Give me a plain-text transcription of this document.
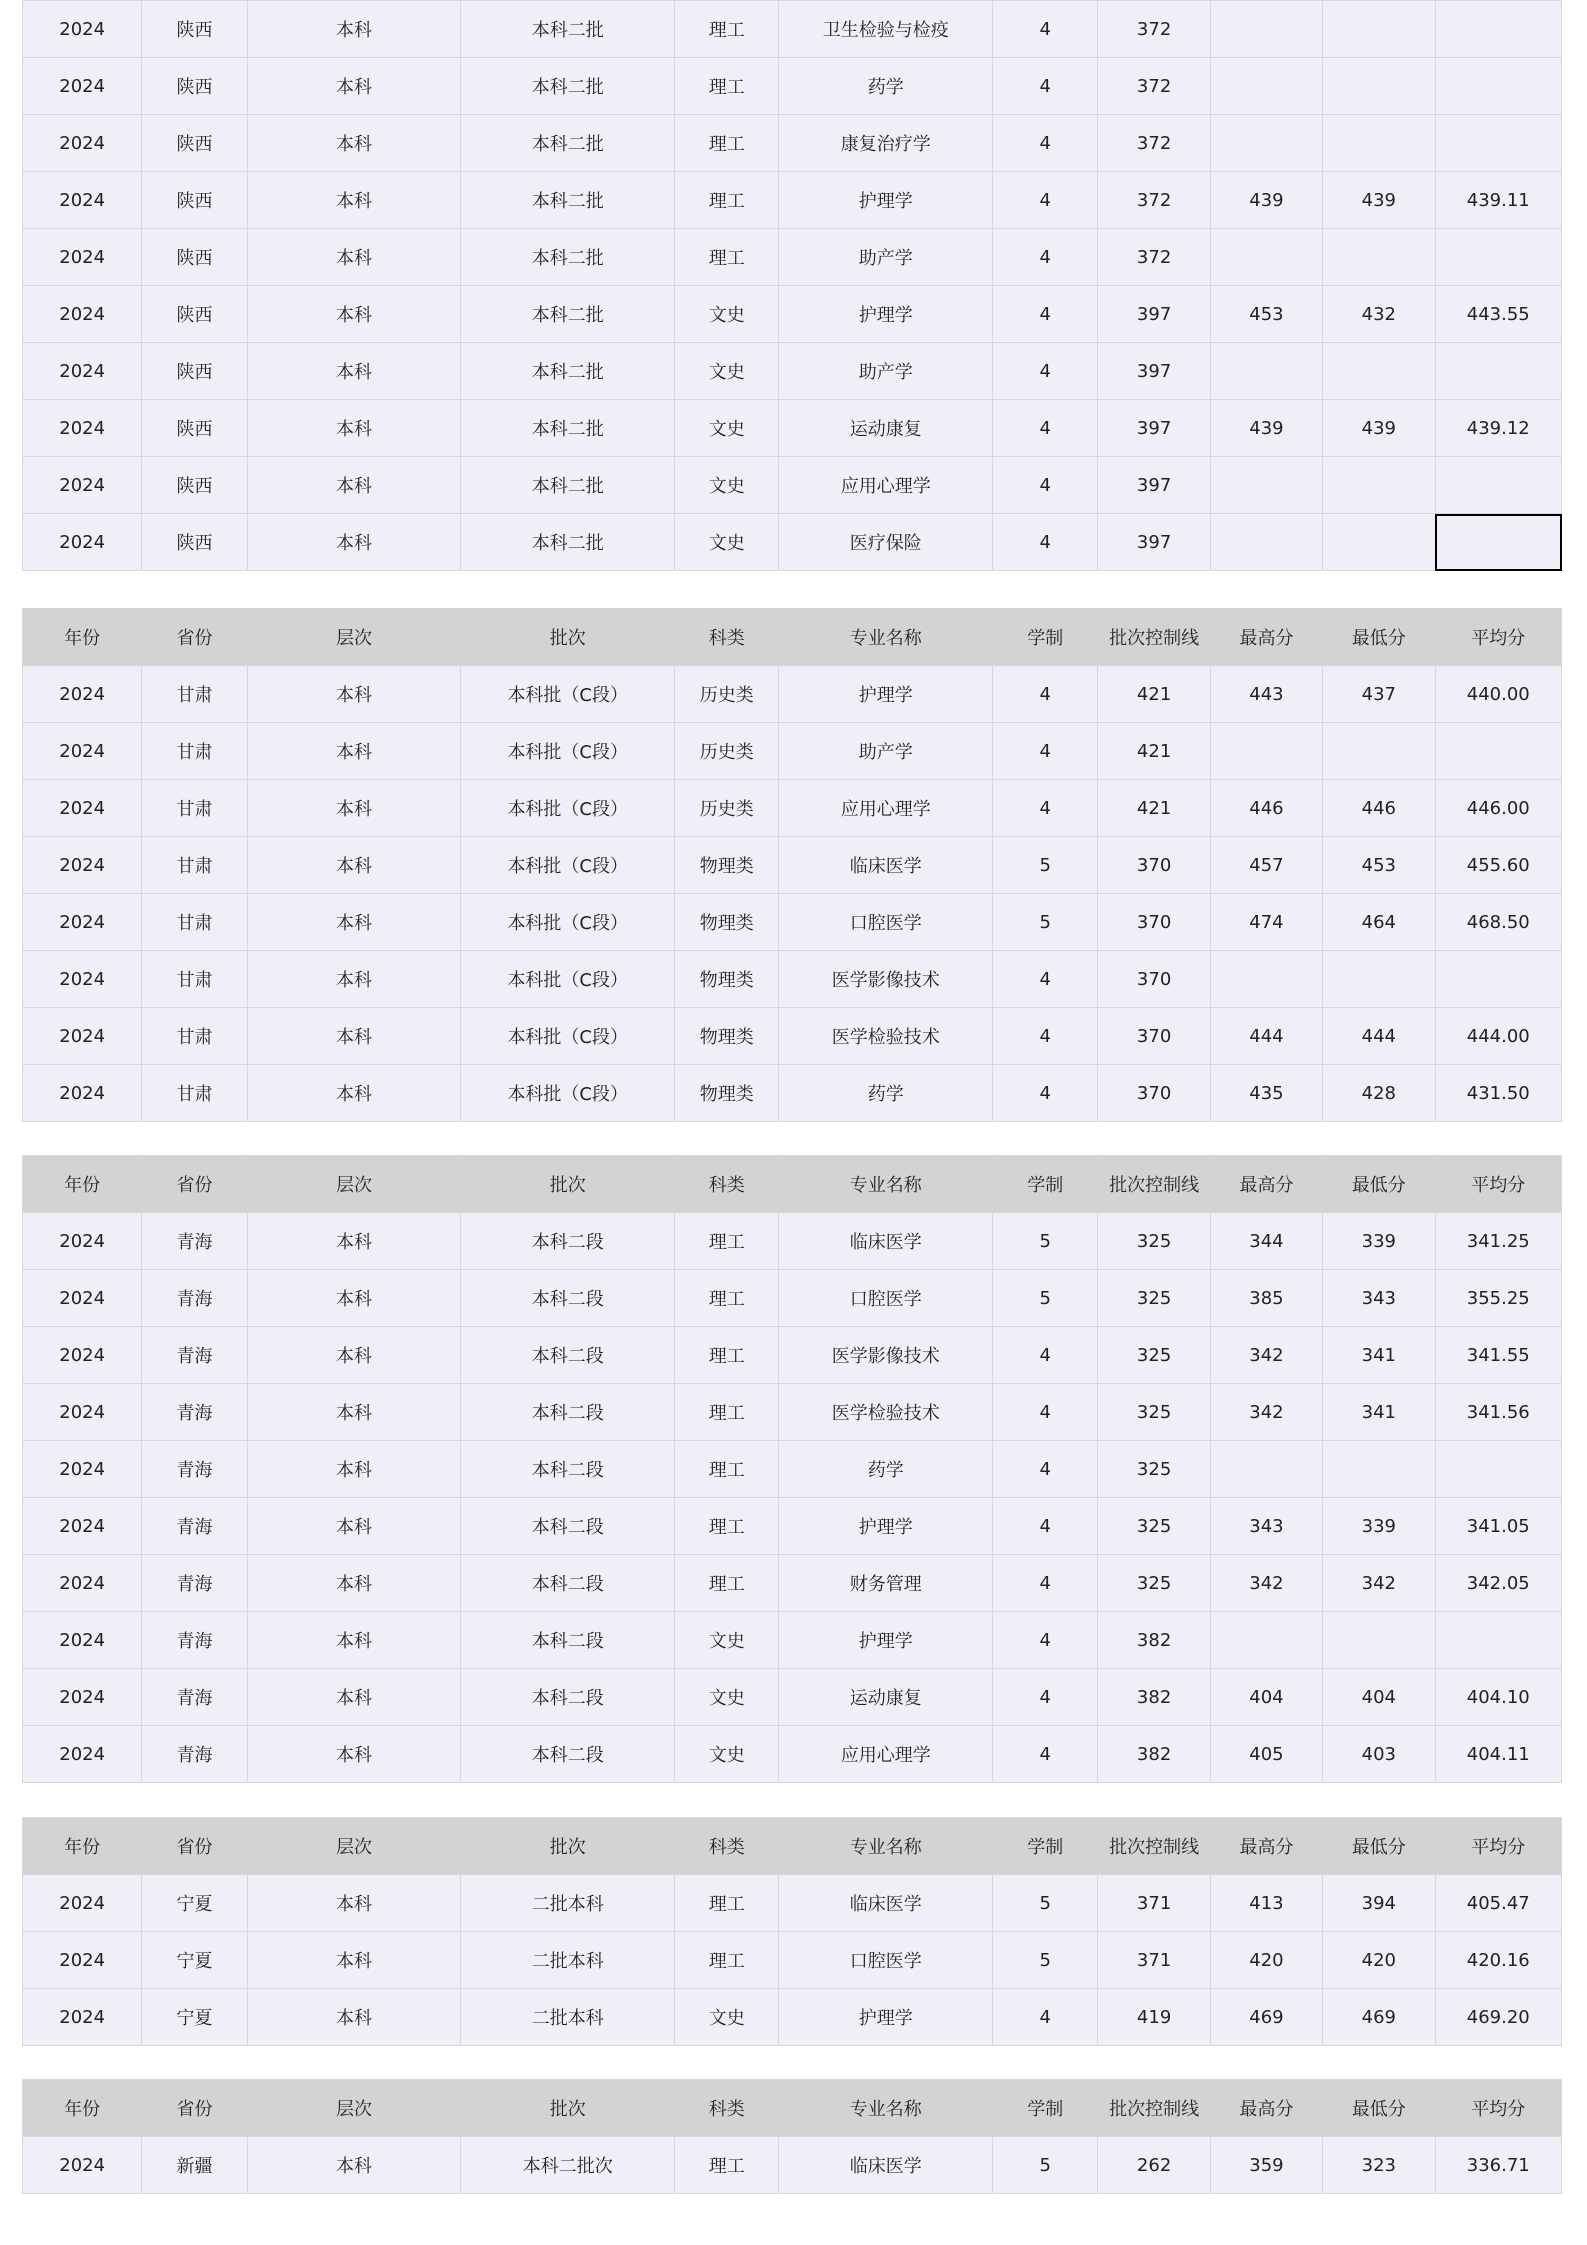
2024	陕西	本科	本科二批	理工	卫生检验与检疫	4	372			
2024	陕西	本科	本科二批	理工	药学	4	372			
2024	陕西	本科	本科二批	理工	康复治疗学	4	372			
2024	陕西	本科	本科二批	理工	护理学	4	372	439	439	439.11
2024	陕西	本科	本科二批	理工	助产学	4	372			
2024	陕西	本科	本科二批	文史	护理学	4	397	453	432	443.55
2024	陕西	本科	本科二批	文史	助产学	4	397			
2024	陕西	本科	本科二批	文史	运动康复	4	397	439	439	439.12
2024	陕西	本科	本科二批	文史	应用心理学	4	397			
2024	陕西	本科	本科二批	文史	医疗保险	4	397			
年份	省份	层次	批次	科类	专业名称	学制	批次控制线	最高分	最低分	平均分
2024	甘肃	本科	本科批（C段）	历史类	护理学	4	421	443	437	440.00
2024	甘肃	本科	本科批（C段）	历史类	助产学	4	421			
2024	甘肃	本科	本科批（C段）	历史类	应用心理学	4	421	446	446	446.00
2024	甘肃	本科	本科批（C段）	物理类	临床医学	5	370	457	453	455.60
2024	甘肃	本科	本科批（C段）	物理类	口腔医学	5	370	474	464	468.50
2024	甘肃	本科	本科批（C段）	物理类	医学影像技术	4	370			
2024	甘肃	本科	本科批（C段）	物理类	医学检验技术	4	370	444	444	444.00
2024	甘肃	本科	本科批（C段）	物理类	药学	4	370	435	428	431.50
年份	省份	层次	批次	科类	专业名称	学制	批次控制线	最高分	最低分	平均分
2024	青海	本科	本科二段	理工	临床医学	5	325	344	339	341.25
2024	青海	本科	本科二段	理工	口腔医学	5	325	385	343	355.25
2024	青海	本科	本科二段	理工	医学影像技术	4	325	342	341	341.55
2024	青海	本科	本科二段	理工	医学检验技术	4	325	342	341	341.56
2024	青海	本科	本科二段	理工	药学	4	325			
2024	青海	本科	本科二段	理工	护理学	4	325	343	339	341.05
2024	青海	本科	本科二段	理工	财务管理	4	325	342	342	342.05
2024	青海	本科	本科二段	文史	护理学	4	382			
2024	青海	本科	本科二段	文史	运动康复	4	382	404	404	404.10
2024	青海	本科	本科二段	文史	应用心理学	4	382	405	403	404.11
年份	省份	层次	批次	科类	专业名称	学制	批次控制线	最高分	最低分	平均分
2024	宁夏	本科	二批本科	理工	临床医学	5	371	413	394	405.47
2024	宁夏	本科	二批本科	理工	口腔医学	5	371	420	420	420.16
2024	宁夏	本科	二批本科	文史	护理学	4	419	469	469	469.20
年份	省份	层次	批次	科类	专业名称	学制	批次控制线	最高分	最低分	平均分
2024	新疆	本科	本科二批次	理工	临床医学	5	262	359	323	336.71
